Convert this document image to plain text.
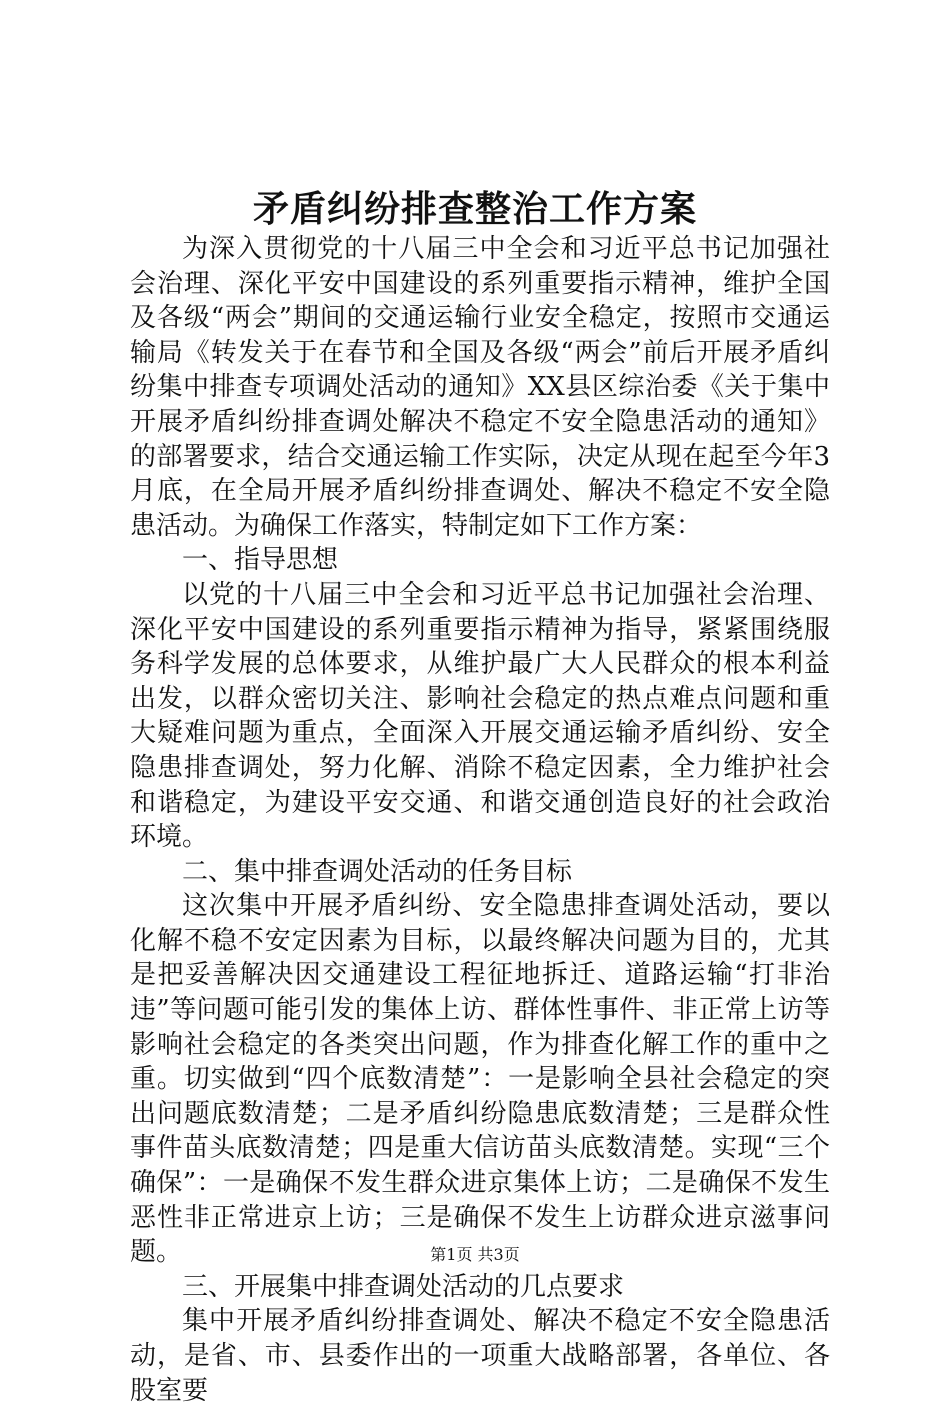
矛盾纠纷排查整治工作方案

为深入贯彻党的十八届三中全会和习近平总书记加强社会治理、深化平安中国建设的系列重要指示精神，维护全国及各级“两会”期间的交通运输行业安全稳定，按照市交通运输局《转发关于在春节和全国及各级“两会”前后开展矛盾纠纷集中排查专项调处活动的通知》XX县区综治委《关于集中开展矛盾纠纷排查调处解决不稳定不安全隐患活动的通知》的部署要求，结合交通运输工作实际，决定从现在起至今年3月底，在全局开展矛盾纠纷排查调处、解决不稳定不安全隐患活动。为确保工作落实，特制定如下工作方案：

一、指导思想

以党的十八届三中全会和习近平总书记加强社会治理、深化平安中国建设的系列重要指示精神为指导，紧紧围绕服务科学发展的总体要求，从维护最广大人民群众的根本利益出发，以群众密切关注、影响社会稳定的热点难点问题和重大疑难问题为重点，全面深入开展交通运输矛盾纠纷、安全隐患排查调处，努力化解、消除不稳定因素，全力维护社会和谐稳定，为建设平安交通、和谐交通创造良好的社会政治环境。

二、集中排查调处活动的任务目标

这次集中开展矛盾纠纷、安全隐患排查调处活动，要以化解不稳不安定因素为目标，以最终解决问题为目的，尤其是把妥善解决因交通建设工程征地拆迁、道路运输“打非治违”等问题可能引发的集体上访、群体性事件、非正常上访等影响社会稳定的各类突出问题，作为排查化解工作的重中之重。切实做到“四个底数清楚”：一是影响全县社会稳定的突出问题底数清楚；二是矛盾纠纷隐患底数清楚；三是群众性事件苗头底数清楚；四是重大信访苗头底数清楚。实现“三个确保”：一是确保不发生群众进京集体上访；二是确保不发生恶性非正常进京上访；三是确保不发生上访群众进京滋事问题。

三、开展集中排查调处活动的几点要求

集中开展矛盾纠纷排查调处、解决不稳定不安全隐患活动，是省、市、县委作出的一项重大战略部署，各单位、各股室要

第1页 共3页
